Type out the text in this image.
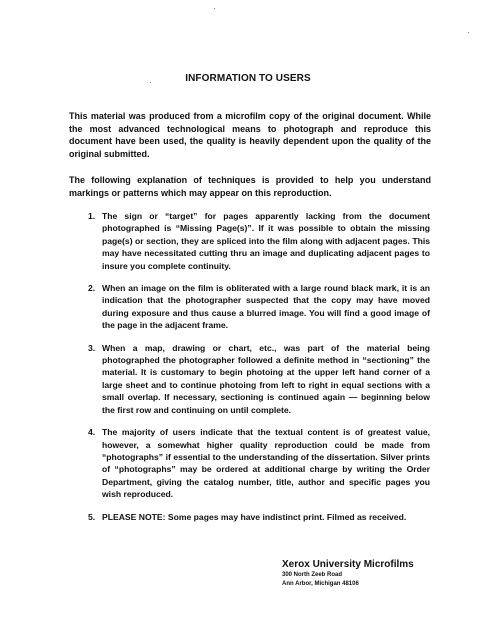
INFORMATION TO USERS
This material was produced from a microfilm copy of the original document. While the most advanced technological means to photograph and reproduce this document have been used, the quality is heavily dependent upon the quality of the original submitted.
The following explanation of techniques is provided to help you understand markings or patterns which may appear on this reproduction.
1. The sign or “target” for pages apparently lacking from the document photographed is “Missing Page(s)”. If it was possible to obtain the missing page(s) or section, they are spliced into the film along with adjacent pages. This may have necessitated cutting thru an image and duplicating adjacent pages to insure you complete continuity.
2. When an image on the film is obliterated with a large round black mark, it is an indication that the photographer suspected that the copy may have moved during exposure and thus cause a blurred image. You will find a good image of the page in the adjacent frame.
3. When a map, drawing or chart, etc., was part of the material being photographed the photographer followed a definite method in “sectioning” the material. It is customary to begin photoing at the upper left hand corner of a large sheet and to continue photoing from left to right in equal sections with a small overlap. If necessary, sectioning is continued again — beginning below the first row and continuing on until complete.
4. The majority of users indicate that the textual content is of greatest value, however, a somewhat higher quality reproduction could be made from “photographs” if essential to the understanding of the dissertation. Silver prints of “photographs” may be ordered at additional charge by writing the Order Department, giving the catalog number, title, author and specific pages you wish reproduced.
5. PLEASE NOTE: Some pages may have indistinct print. Filmed as received.
Xerox University Microfilms
300 North Zeeb Road
Ann Arbor, Michigan 48106
